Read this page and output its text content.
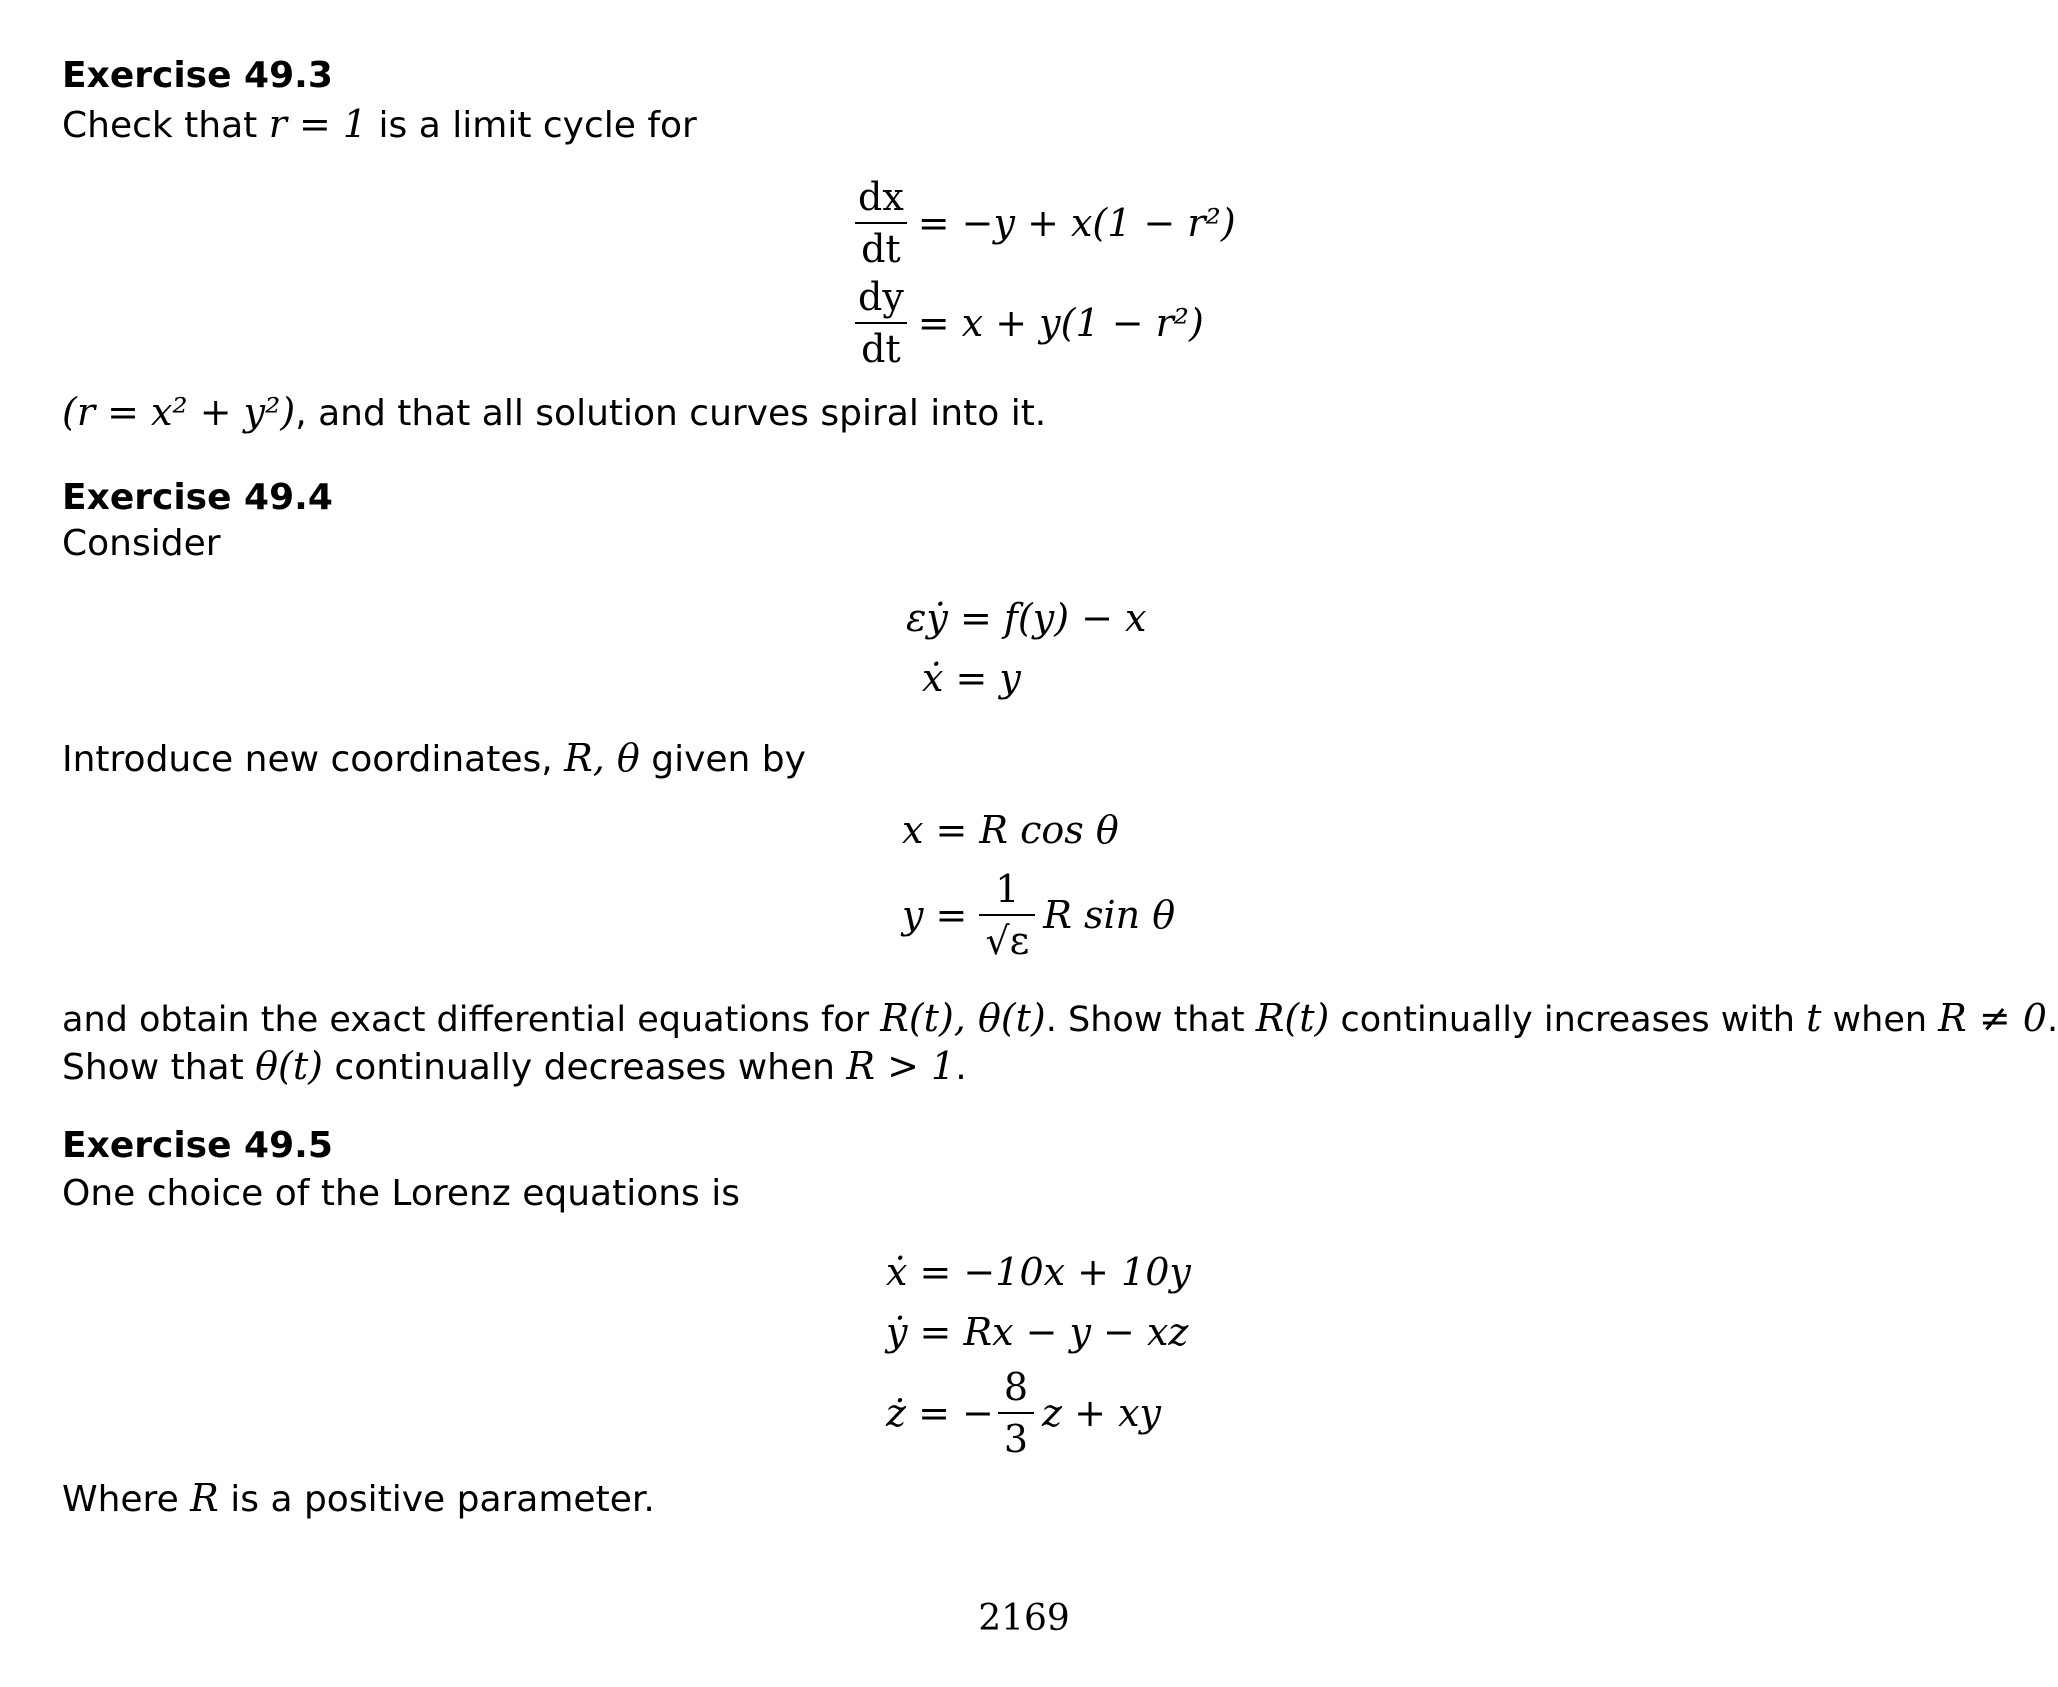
Exercise 49.3

Check that r = 1 is a limit cycle for

$\frac{dx}{dt} = -y + x(1 - r^2)$
$\frac{dy}{dt} = x + y(1 - r^2)$

(r = x² + y²), and that all solution curves spiral into it.

Exercise 49.4

Consider

εẏ = f(y) − x
ẋ = y

Introduce new coordinates, R, θ given by

x = R cos θ
$y = \frac{1}{√\varepsilon}$ R sin θ

and obtain the exact differential equations for R(t), θ(t). Show that R(t) continually increases with t when R ≠ 0.

Show that θ(t) continually decreases when R > 1.

Exercise 49.5

One choice of the Lorenz equations is

ẋ = −10x + 10y
ẏ = Rx − y − xz
ż = − $\frac{8}{3}$ z + xy

Where R is a positive parameter.

2169
